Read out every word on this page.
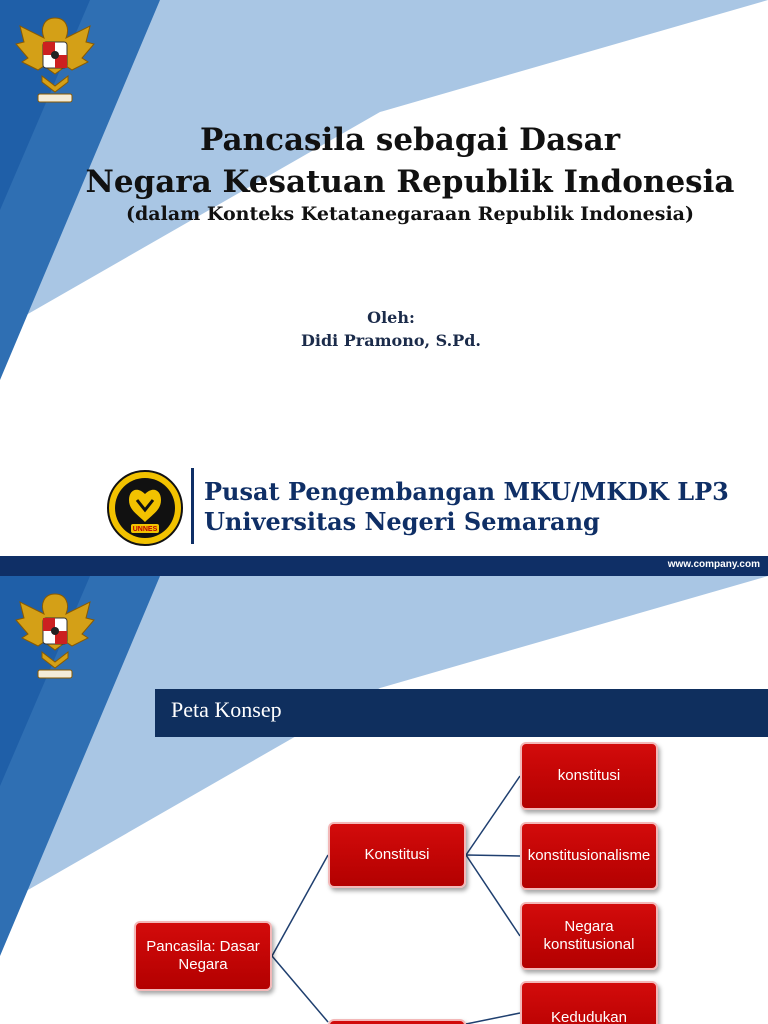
Pancasila sebagai Dasar
Negara Kesatuan Republik Indonesia
(dalam Konteks Ketatanegaraan Republik Indonesia)
Oleh:
Didi Pramono, S.Pd.
UNNES
Pusat Pengembangan MKU/MKDK LP3
Universitas Negeri Semarang
www.company.com
Peta Konsep
Pancasila: Dasar Negara
Konstitusi
konstitusi
konstitusionalisme
Negara konstitusional
Kedudukan
